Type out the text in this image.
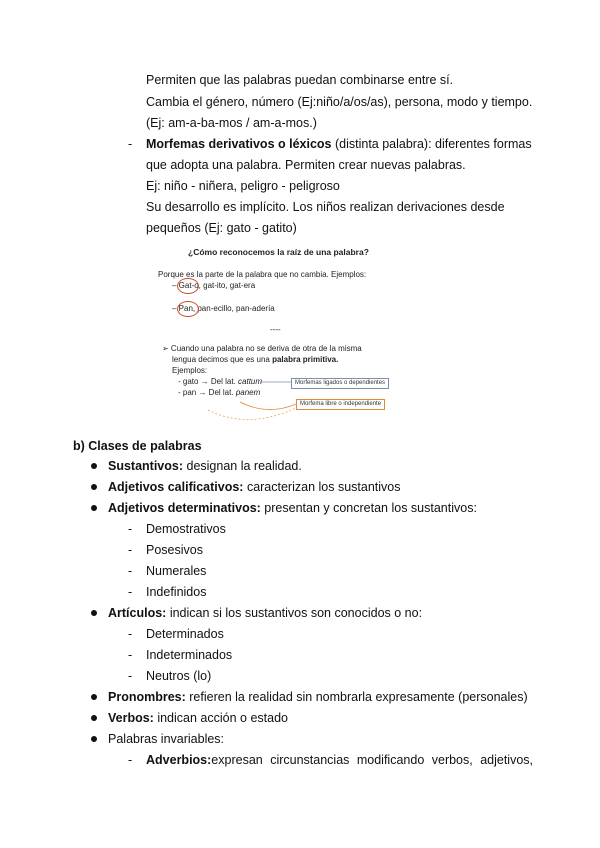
Permiten que las palabras puedan combinarse entre sí.
Cambia el género, número (Ej:niño/a/os/as), persona, modo y tiempo.
(Ej: am-a-ba-mos / am-a-mos.)
- Morfemas derivativos o léxicos (distinta palabra): diferentes formas
que adopta una palabra. Permiten crear nuevas palabras.
Ej: niño - niñera, peligro - peligroso
Su desarrollo es implícito. Los niños realizan derivaciones desde
pequeños (Ej: gato - gatito)
¿Cómo reconocemos la raíz de una palabra?
Porque es la parte de la palabra que no cambia. Ejemplos:
– Gat-o, gat-ito, gat-era
– Pan, pan-ecillo, pan-adería
----
➢ Cuando una palabra no se deriva de otra de la misma
lengua decimos que es una palabra primitiva.
Ejemplos:
- gato → Del lat. cattum
- pan → Del lat. panem
Morfemas ligados o dependientes
Morfema libre o independiente
b) Clases de palabras
Sustantivos: designan la realidad.
Adjetivos calificativos: caracterizan los sustantivos
Adjetivos determinativos: presentan y concretan los sustantivos:
- Demostrativos
- Posesivos
- Numerales
- Indefinidos
Artículos: indican si los sustantivos son conocidos o no:
- Determinados
- Indeterminados
- Neutros (lo)
Pronombres: refieren la realidad sin nombrarla expresamente (personales)
Verbos: indican acción o estado
Palabras invariables:
- Adverbios: expresan circunstancias modificando verbos, adjetivos,
